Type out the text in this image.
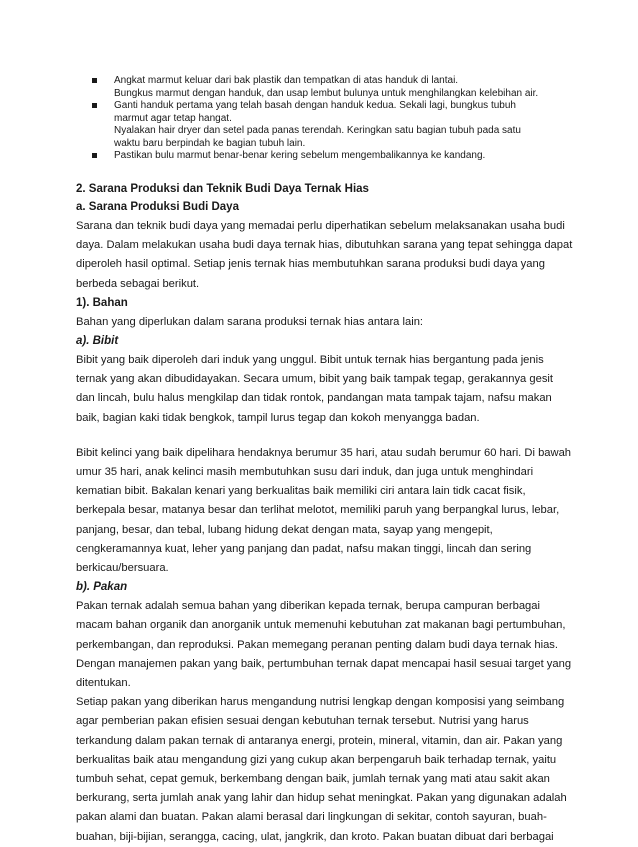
Angkat marmut keluar dari bak plastik dan tempatkan di atas handuk di lantai.
Bungkus marmut dengan handuk, dan usap lembut bulunya untuk menghilangkan kelebihan air.
Ganti handuk pertama yang telah basah dengan handuk kedua. Sekali lagi, bungkus tubuh
marmut agar tetap hangat.
Nyalakan hair dryer dan setel pada panas terendah. Keringkan satu bagian tubuh pada satu
waktu baru berpindah ke bagian tubuh lain.
Pastikan bulu marmut benar-benar kering sebelum mengembalikannya ke kandang.
2. Sarana Produksi dan Teknik Budi Daya Ternak Hias
a. Sarana Produksi Budi Daya
Sarana dan teknik budi daya yang memadai perlu diperhatikan sebelum melaksanakan usaha budi
daya. Dalam melakukan usaha budi daya ternak hias, dibutuhkan sarana yang tepat sehingga dapat
diperoleh hasil optimal. Setiap jenis ternak hias membutuhkan sarana produksi budi daya yang
berbeda sebagai berikut.
1). Bahan
Bahan yang diperlukan dalam sarana produksi ternak hias antara lain:
a). Bibit
Bibit yang baik diperoleh dari induk yang unggul. Bibit untuk ternak hias bergantung pada jenis
ternak yang akan dibudidayakan. Secara umum, bibit yang baik tampak tegap, gerakannya gesit
dan lincah, bulu halus mengkilap dan tidak rontok, pandangan mata tampak tajam, nafsu makan
baik, bagian kaki tidak bengkok, tampil lurus tegap dan kokoh menyangga badan.
Bibit kelinci yang baik dipelihara hendaknya berumur 35 hari, atau sudah berumur 60 hari. Di bawah
umur 35 hari, anak kelinci masih membutuhkan susu dari induk, dan juga untuk menghindari
kematian bibit. Bakalan kenari yang berkualitas baik memiliki ciri antara lain tidk cacat fisik,
berkepala besar, matanya besar dan terlihat melotot, memiliki paruh yang berpangkal lurus, lebar,
panjang, besar, dan tebal, lubang hidung dekat dengan mata, sayap yang mengepit,
cengkeramannya kuat, leher yang panjang dan padat, nafsu makan tinggi, lincah dan sering
berkicau/bersuara.
b). Pakan
Pakan ternak adalah semua bahan yang diberikan kepada ternak, berupa campuran berbagai
macam bahan organik dan anorganik untuk memenuhi kebutuhan zat makanan bagi pertumbuhan,
perkembangan, dan reproduksi. Pakan memegang peranan penting dalam budi daya ternak hias.
Dengan manajemen pakan yang baik, pertumbuhan ternak dapat mencapai hasil sesuai target yang
ditentukan.
Setiap pakan yang diberikan harus mengandung nutrisi lengkap dengan komposisi yang seimbang
agar pemberian pakan efisien sesuai dengan kebutuhan ternak tersebut. Nutrisi yang harus
terkandung dalam pakan ternak di antaranya energi, protein, mineral, vitamin, dan air. Pakan yang
berkualitas baik atau mengandung gizi yang cukup akan berpengaruh baik terhadap ternak, yaitu
tumbuh sehat, cepat gemuk, berkembang dengan baik, jumlah ternak yang mati atau sakit akan
berkurang, serta jumlah anak yang lahir dan hidup sehat meningkat. Pakan yang digunakan adalah
pakan alami dan buatan. Pakan alami berasal dari lingkungan di sekitar, contoh sayuran, buah-
buahan, biji-bijian, serangga, cacing, ulat, jangkrik, dan kroto. Pakan buatan dibuat dari berbagai
